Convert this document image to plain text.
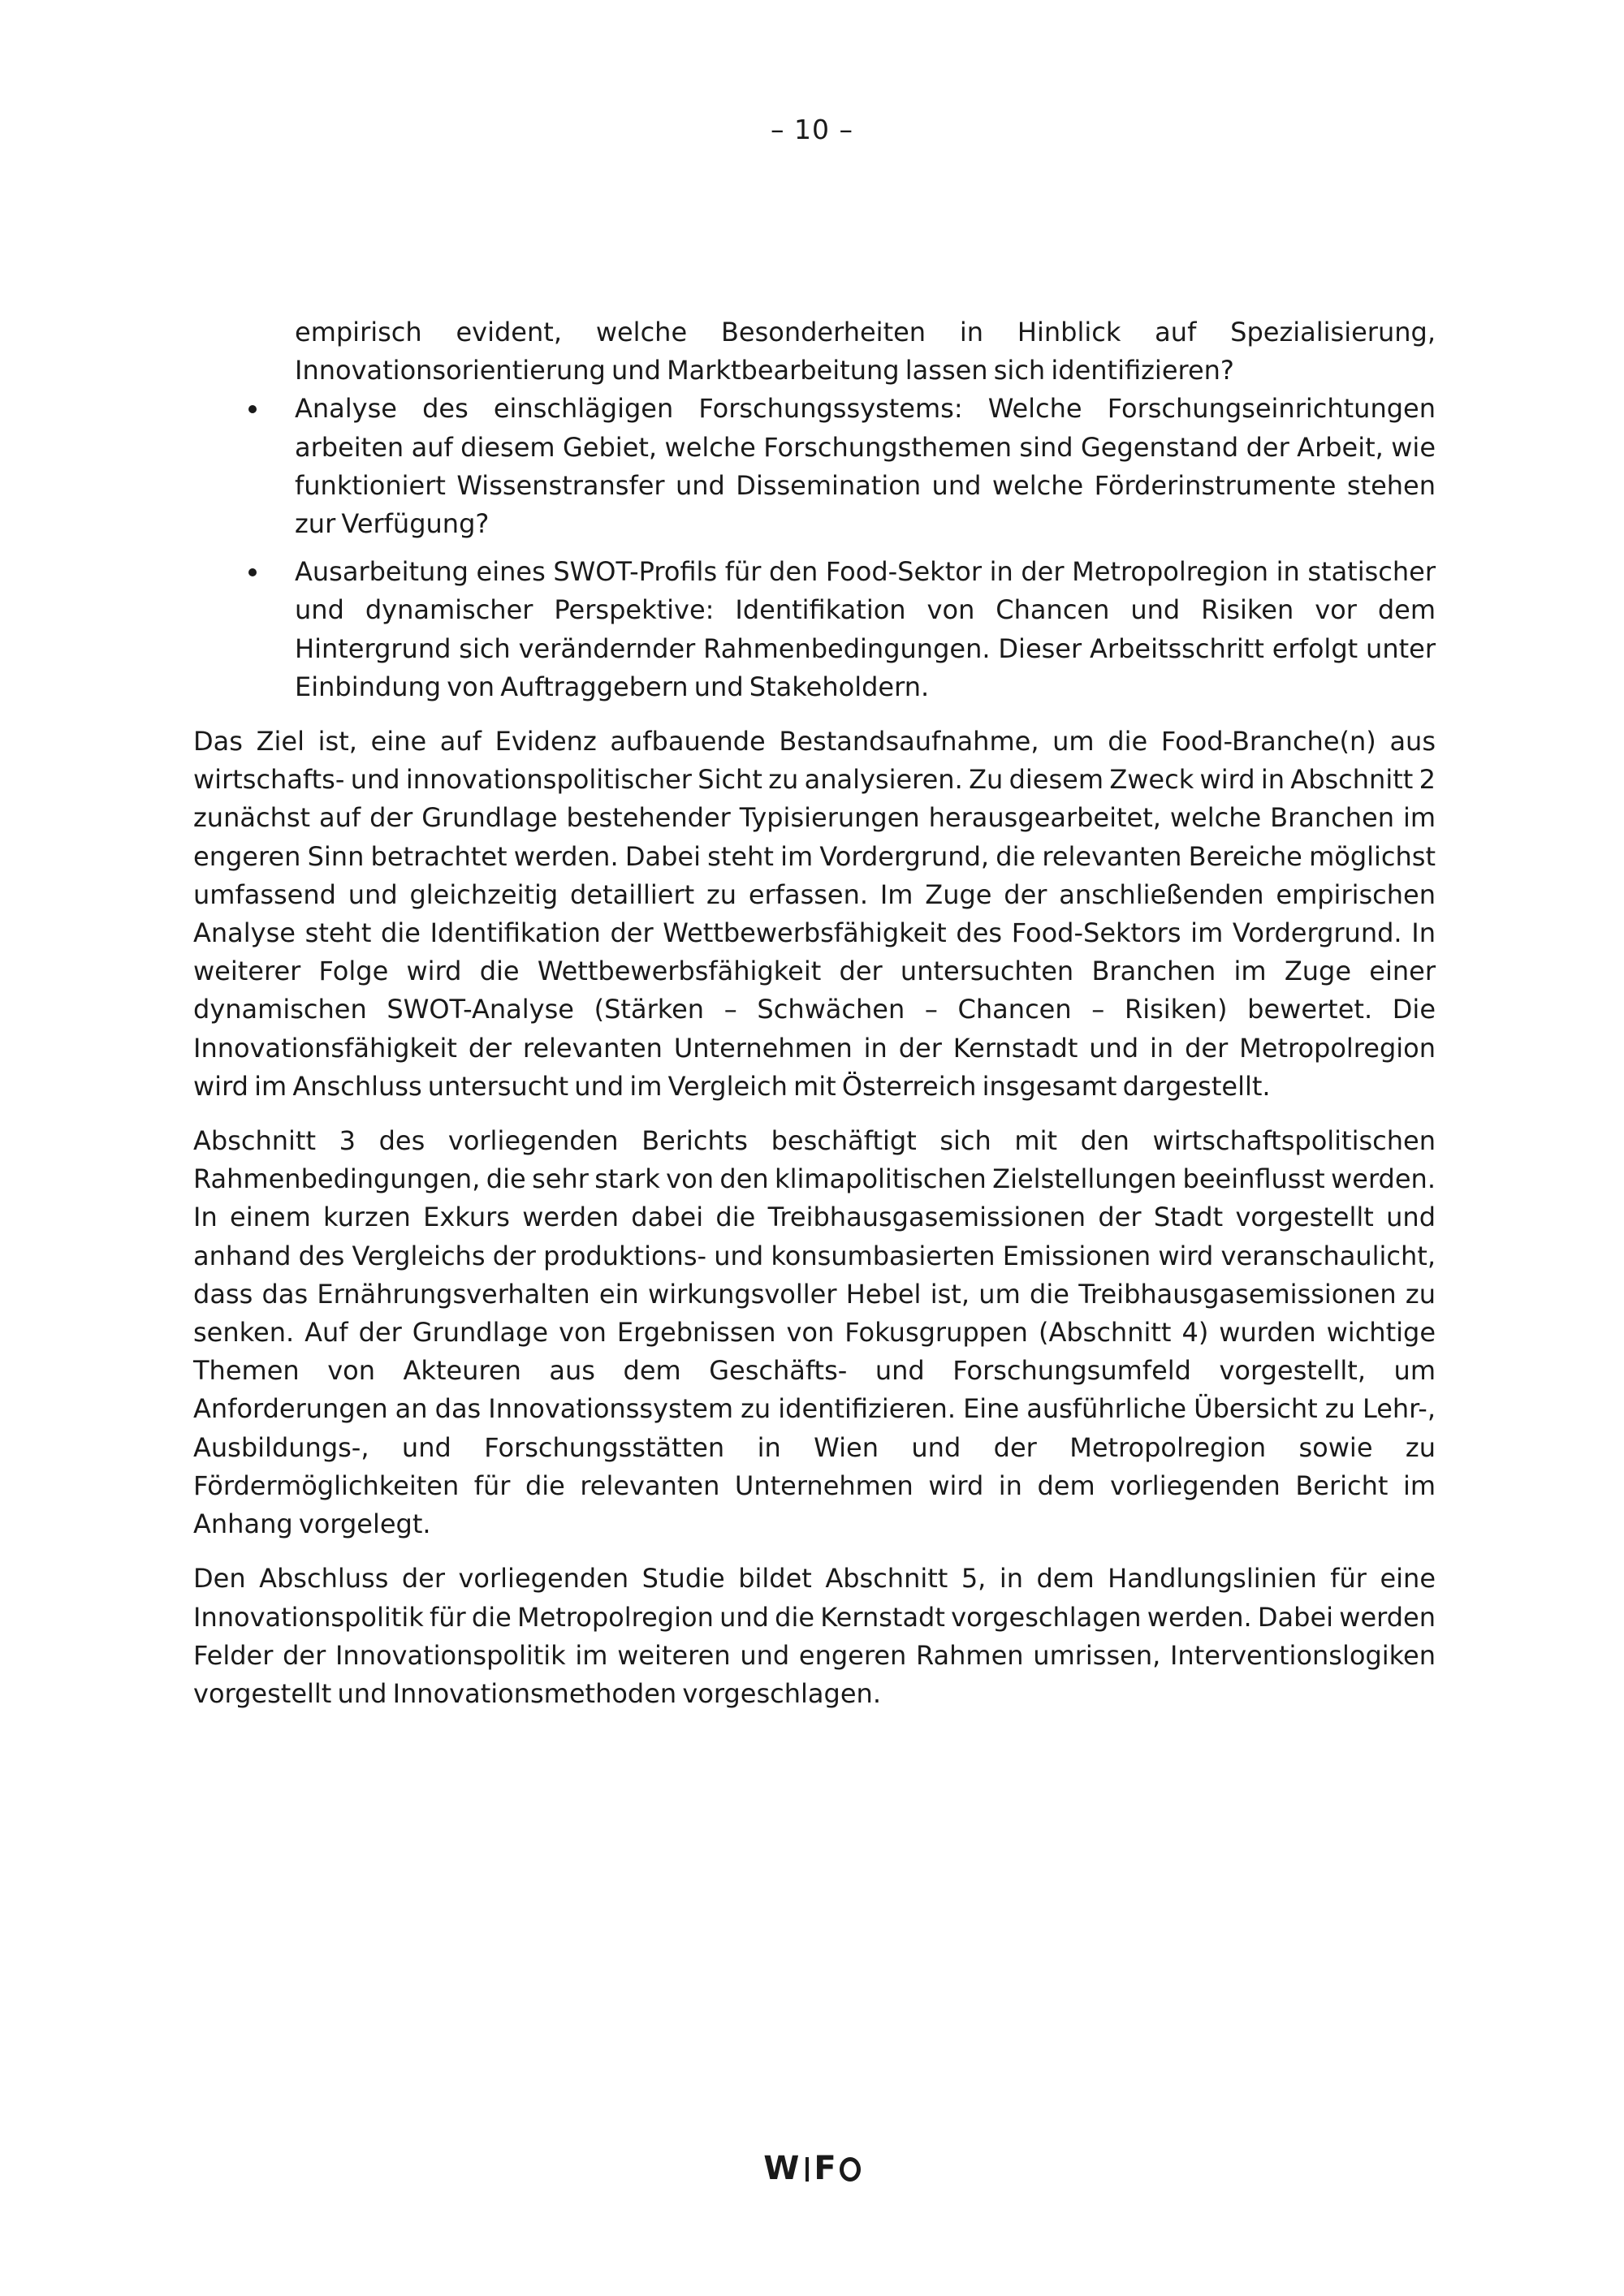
– 10 –

empirisch evident, welche Besonderheiten in Hinblick auf Spezialisierung, Innovationsorientierung und Marktbearbeitung lassen sich identifizieren?

Analyse des einschlägigen Forschungssystems: Welche Forschungseinrichtungen arbeiten auf diesem Gebiet, welche Forschungsthemen sind Gegenstand der Arbeit, wie funktioniert Wissenstransfer und Dissemination und welche Förderinstrumente stehen zur Verfügung?
Ausarbeitung eines SWOT-Profils für den Food-Sektor in der Metropolregion in statischer und dynamischer Perspektive: Identifikation von Chancen und Risiken vor dem Hintergrund sich verändernder Rahmenbedingungen. Dieser Arbeitsschritt erfolgt unter Einbindung von Auftraggebern und Stakeholdern.

Das Ziel ist, eine auf Evidenz aufbauende Bestandsaufnahme, um die Food-Branche(n) aus wirtschafts- und innovationspolitischer Sicht zu analysieren. Zu diesem Zweck wird in Abschnitt 2 zunächst auf der Grundlage bestehender Typisierungen herausgearbeitet, welche Branchen im engeren Sinn betrachtet werden. Dabei steht im Vordergrund, die relevanten Bereiche möglichst umfassend und gleichzeitig detailliert zu erfassen. Im Zuge der anschließenden empirischen Analyse steht die Identifikation der Wettbewerbsfähigkeit des Food-Sektors im Vordergrund. In weiterer Folge wird die Wettbewerbsfähigkeit der untersuchten Branchen im Zuge einer dynamischen SWOT-Analyse (Stärken – Schwächen – Chancen – Risiken) bewertet. Die Innovationsfähigkeit der relevanten Unternehmen in der Kernstadt und in der Metropolregion wird im Anschluss untersucht und im Vergleich mit Österreich insgesamt dargestellt.

Abschnitt 3 des vorliegenden Berichts beschäftigt sich mit den wirtschaftspolitischen Rahmenbedingungen, die sehr stark von den klimapolitischen Zielstellungen beeinflusst werden. In einem kurzen Exkurs werden dabei die Treibhausgasemissionen der Stadt vorgestellt und anhand des Vergleichs der produktions- und konsumbasierten Emissionen wird veranschaulicht, dass das Ernährungsverhalten ein wirkungsvoller Hebel ist, um die Treibhausgasemissionen zu senken. Auf der Grundlage von Ergebnissen von Fokusgruppen (Abschnitt 4) wurden wichtige Themen von Akteuren aus dem Geschäfts- und Forschungsumfeld vorgestellt, um Anforderungen an das Innovationssystem zu identifizieren. Eine ausführliche Übersicht zu Lehr-, Ausbildungs-, und Forschungsstätten in Wien und der Metropolregion sowie zu Fördermöglichkeiten für die relevanten Unternehmen wird in dem vorliegenden Bericht im Anhang vorgelegt.

Den Abschluss der vorliegenden Studie bildet Abschnitt 5, in dem Handlungslinien für eine Innovationspolitik für die Metropolregion und die Kernstadt vorgeschlagen werden. Dabei werden Felder der Innovationspolitik im weiteren und engeren Rahmen umrissen, Interventionslogiken vorgestellt und Innovationsmethoden vorgeschlagen.

W F
